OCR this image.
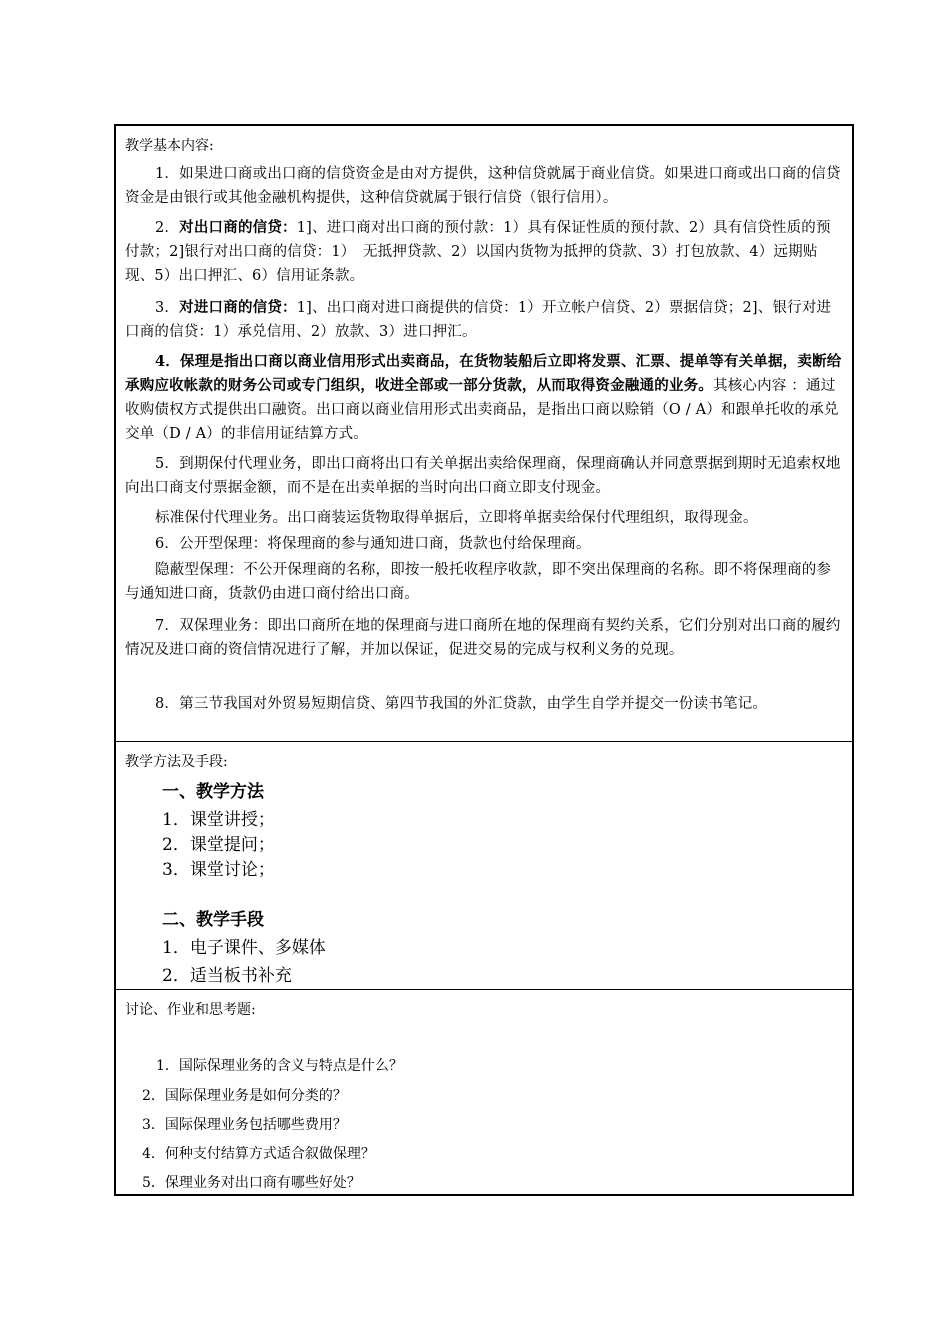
教学基本内容:
1．如果进口商或出口商的信贷资金是由对方提供，这种信贷就属于商业信贷。如果进口商或出口商的信贷资金是由银行或其他金融机构提供，这种信贷就属于银行信贷（银行信用）。
2．对出口商的信贷：1]、进口商对出口商的预付款：1）具有保证性质的预付款、2）具有信贷性质的预付款；2]银行对出口商的信贷：1）　无抵押贷款、2）以国内货物为抵押的贷款、3）打包放款、4）远期贴现、5）出口押汇、6）信用证条款。
3．对进口商的信贷：1]、出口商对进口商提供的信贷：1）开立帐户信贷、2）票据信贷；2]、银行对进口商的信贷：1）承兑信用、2）放款、3）进口押汇。
4．保理是指出口商以商业信用形式出卖商品，在货物装船后立即将发票、汇票、提单等有关单据，卖断给承购应收帐款的财务公司或专门组织，收进全部或一部分货款，从而取得资金融通的业务。其核心内容 ：通过收购债权方式提供出口融资。出口商以商业信用形式出卖商品，是指出口商以赊销（O / A）和跟单托收的承兑交单（D / A）的非信用证结算方式。
5．到期保付代理业务，即出口商将出口有关单据出卖给保理商，保理商确认并同意票据到期时无追索权地向出口商支付票据金额，而不是在出卖单据的当时向出口商立即支付现金。
标准保付代理业务。出口商装运货物取得单据后，立即将单据卖给保付代理组织，取得现金。
6．公开型保理：将保理商的参与通知进口商，货款也付给保理商。
隐蔽型保理：不公开保理商的名称，即按一般托收程序收款，即不突出保理商的名称。即不将保理商的参与通知进口商，货款仍由进口商付给出口商。
7．双保理业务：即出口商所在地的保理商与进口商所在地的保理商有契约关系，它们分别对出口商的履约情况及进口商的资信情况进行了解，并加以保证，促进交易的完成与权利义务的兑现。
8．第三节我国对外贸易短期信贷、第四节我国的外汇贷款，由学生自学并提交一份读书笔记。
教学方法及手段:
一、教学方法
1．课堂讲授；
2．课堂提问；
3．课堂讨论；
二、教学手段
1．电子课件、多媒体
2．适当板书补充
讨论、作业和思考题:
1．国际保理业务的含义与特点是什么？
2．国际保理业务是如何分类的？
3．国际保理业务包括哪些费用？
4．何种支付结算方式适合叙做保理？
5．保理业务对出口商有哪些好处？
